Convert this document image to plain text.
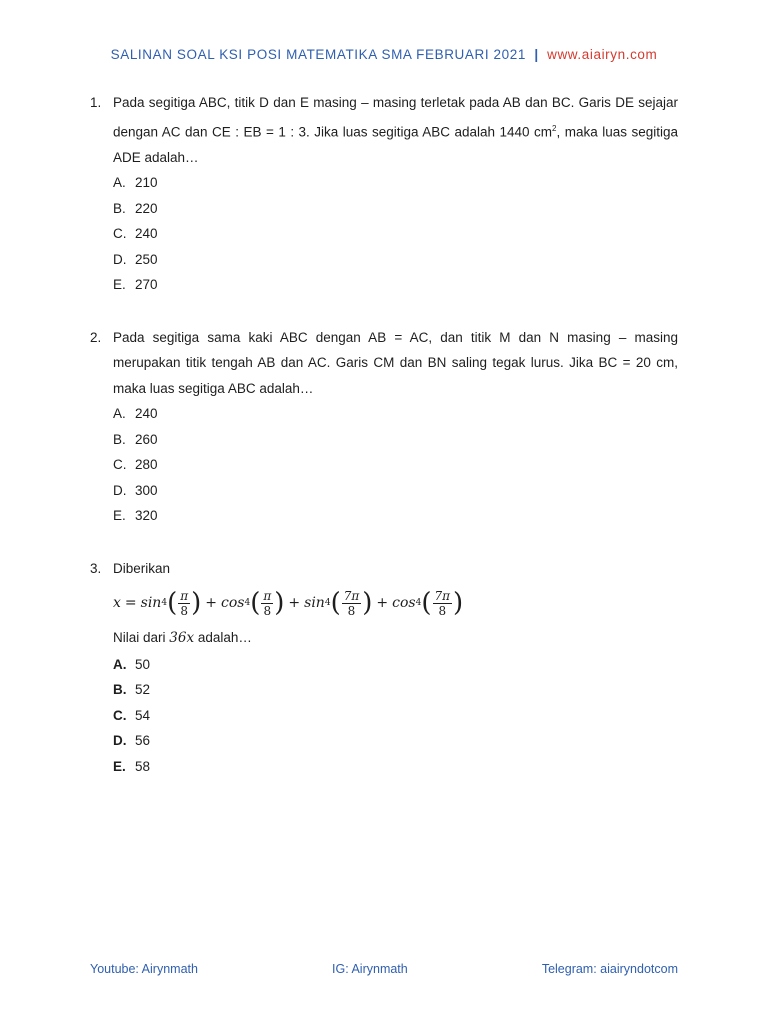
SALINAN SOAL KSI POSI MATEMATIKA SMA FEBRUARI 2021 | www.aiairyn.com
1. Pada segitiga ABC, titik D dan E masing – masing terletak pada AB dan BC. Garis DE sejajar dengan AC dan CE : EB = 1 : 3. Jika luas segitiga ABC adalah 1440 $cm^2$, maka luas segitiga ADE adalah…
A. 210
B. 220
C. 240
D. 250
E. 270
2. Pada segitiga sama kaki ABC dengan AB = AC, dan titik M dan N masing – masing merupakan titik tengah AB dan AC. Garis CM dan BN saling tegak lurus. Jika BC = 20 cm, maka luas segitiga ABC adalah…
A. 240
B. 260
C. 280
D. 300
E. 320
3. Diberikan
x = sin 4 ( $\frac{\pi}{8}$ ) + cos 4 ( $\frac{\pi}{8}$ ) + sin 4 ( $\frac{7\pi}{8}$ ) + cos 4 ( $\frac{7\pi}{8}$ )
Nilai dari 36x adalah…
A. 50
B. 52
C. 54
D. 56
E. 58
Youtube: Airynmath	IG: Airynmath	Telegram: aiairyndotcom
